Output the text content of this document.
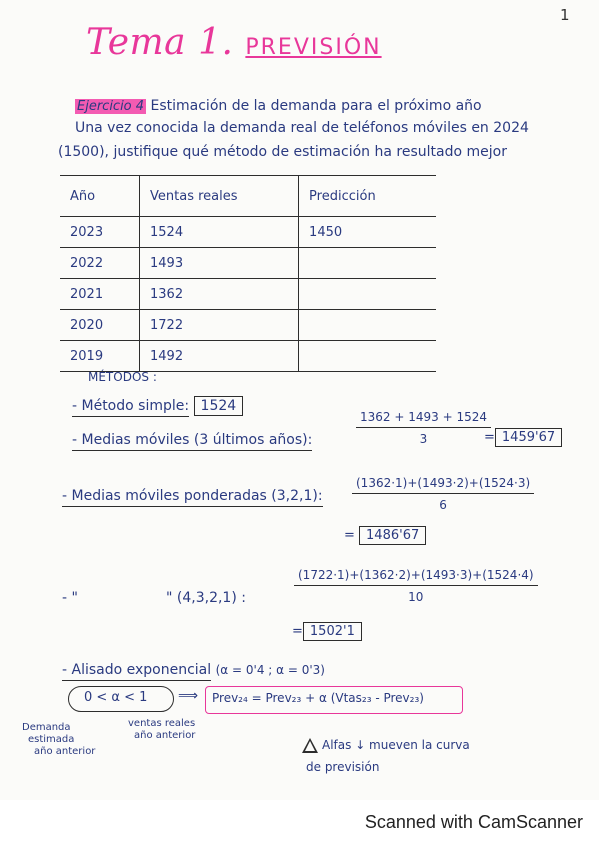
1
Tema 1. PREVISIÓN
Ejercicio 4 Estimación de la demanda para el próximo año
Una vez conocida la demanda real de teléfonos móviles en 2024
(1500), justifique qué método de estimación ha resultado mejor
Año	Ventas reales	Predicción
2023	1524	1450
2022	1493	
2021	1362	
2020	1722	
2019	1492	
MÉTODOS :
- Método simple: 1524
- Medias móviles (3 últimos años):	$\frac{1362 + 1493 + 1524}{3}$
= 1459'67
- Medias móviles ponderadas (3,2,1): $\frac{(1362\cdot 1)+(1493\cdot 2)+(1524\cdot 3)}{6}$
= 1486'67
- "	" (4,3,2,1) :	$\frac{(1722\cdot 1)+(1362\cdot 2)+(1493\cdot 3)+(1524\cdot 4)}{10}$
= 1502'1
- Alisado exponencial (α = 0'4 ; α = 0'3)
0 < α < 1 ⟹ Prev₂₄ = Prev₂₃ + α (Vtas₂₃ - Prev₂₃)
Demanda
estimada
año anterior
ventas reales
año anterior
Alfas ↓ mueven la curva
de previsión
Scanned with CamScanner
